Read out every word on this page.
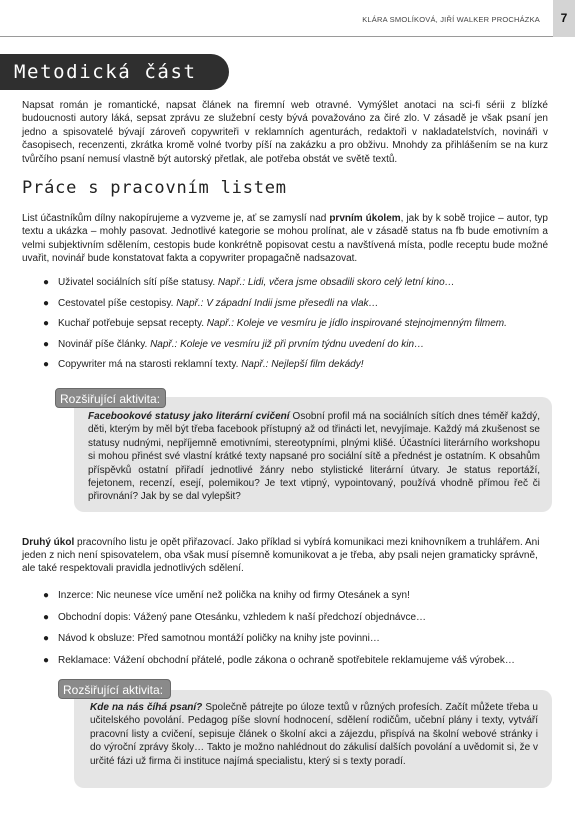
KLÁRA SMOLÍKOVÁ, JIŘÍ WALKER PROCHÁZKA	7
Metodická část
Napsat román je romantické, napsat článek na firemní web otravné. Vymýšlet anotaci na sci-fi sérii z blízké budoucnosti autory láká, sepsat zprávu ze služební cesty bývá považováno za čiré zlo. V zásadě je však psaní jen jedno a spisovatelé bývají zároveň copywriteři v reklamních agenturách, redaktoři v nakladatelstvích, novináři v časopisech, recenzenti, zkrátka kromě volné tvorby píší na zakázku a pro obživu. Mnohdy za přihlášením se na kurz tvůrčího psaní nemusí vlastně být autorský přetlak, ale potřeba obstát ve světě textů.
Práce s pracovním listem
List účastníkům dílny nakopírujeme a vyzveme je, ať se zamyslí nad prvním úkolem, jak by k sobě trojice – autor, typ textu a ukázka – mohly pasovat. Jednotlivé kategorie se mohou prolínat, ale v zásadě status na fb bude emotivním a velmi subjektivním sdělením, cestopis bude konkrétně popisovat cestu a navštívená místa, podle receptu bude možné uvařit, novinář bude konstatovat fakta a copywriter propagačně nadsazovat.
● Uživatel sociálních sítí píše statusy. Např.: Lidi, včera jsme obsadili skoro celý letní kino…
● Cestovatel píše cestopisy. Např.: V západní Indii jsme přesedli na vlak…
● Kuchař potřebuje sepsat recepty. Např.: Koleje ve vesmíru je jídlo inspirované stejnojmenným filmem.
● Novinář píše články. Např.: Koleje ve vesmíru již při prvním týdnu uvedení do kin…
● Copywriter má na starosti reklamní texty. Např.: Nejlepší film dekády!
Facebookové statusy jako literární cvičení Osobní profil má na sociálních sítích dnes téměř každý, děti, kterým by měl být třeba facebook přístupný až od třinácti let, nevyjímaje. Každý má zkušenost se statusy nudnými, nepříjemně emotivními, stereotypními, plnými klišé. Účastníci literárního workshopu si mohou přinést své vlastní krátké texty napsané pro sociální sítě a přednést je ostatním. K obsahům příspěvků ostatní přiřadí jednotlivé žánry nebo stylistické literární útvary. Je status reportáží, fejetonem, recenzí, esejí, polemikou? Je text vtipný, vypointovaný, používá vhodně přímou řeč či přirovnání? Jak by se dal vylepšit?
Rozšiřující aktivita:
Druhý úkol pracovního listu je opět přiřazovací. Jako příklad si vybírá komunikaci mezi knihovníkem a truhlářem. Ani jeden z nich není spisovatelem, oba však musí písemně komunikovat a je třeba, aby psali nejen gramaticky správně, ale také respektovali pravidla jednotlivých sdělení.
● Inzerce: Nic neunese více umění než polička na knihy od firmy Otesánek a syn!
● Obchodní dopis: Vážený pane Otesánku, vzhledem k naší předchozí objednávce…
● Návod k obsluze: Před samotnou montáží poličky na knihy jste povinni…
● Reklamace: Vážení obchodní přátelé, podle zákona o ochraně spotřebitele reklamujeme váš výrobek…
Kde na nás číhá psaní? Společně pátrejte po úloze textů v různých profesích. Začít můžete třeba u učitelského povolání. Pedagog píše slovní hodnocení, sdělení rodičům, učební plány i texty, vytváří pracovní listy a cvičení, sepisuje článek o školní akci a zájezdu, přispívá na školní webové stránky i do výroční zprávy školy… Takto je možno nahlédnout do zákulisí dalších povolání a uvědomit si, že v určité fázi už firma či instituce najímá specialistu, který si s texty poradí.
Rozšiřující aktivita:
